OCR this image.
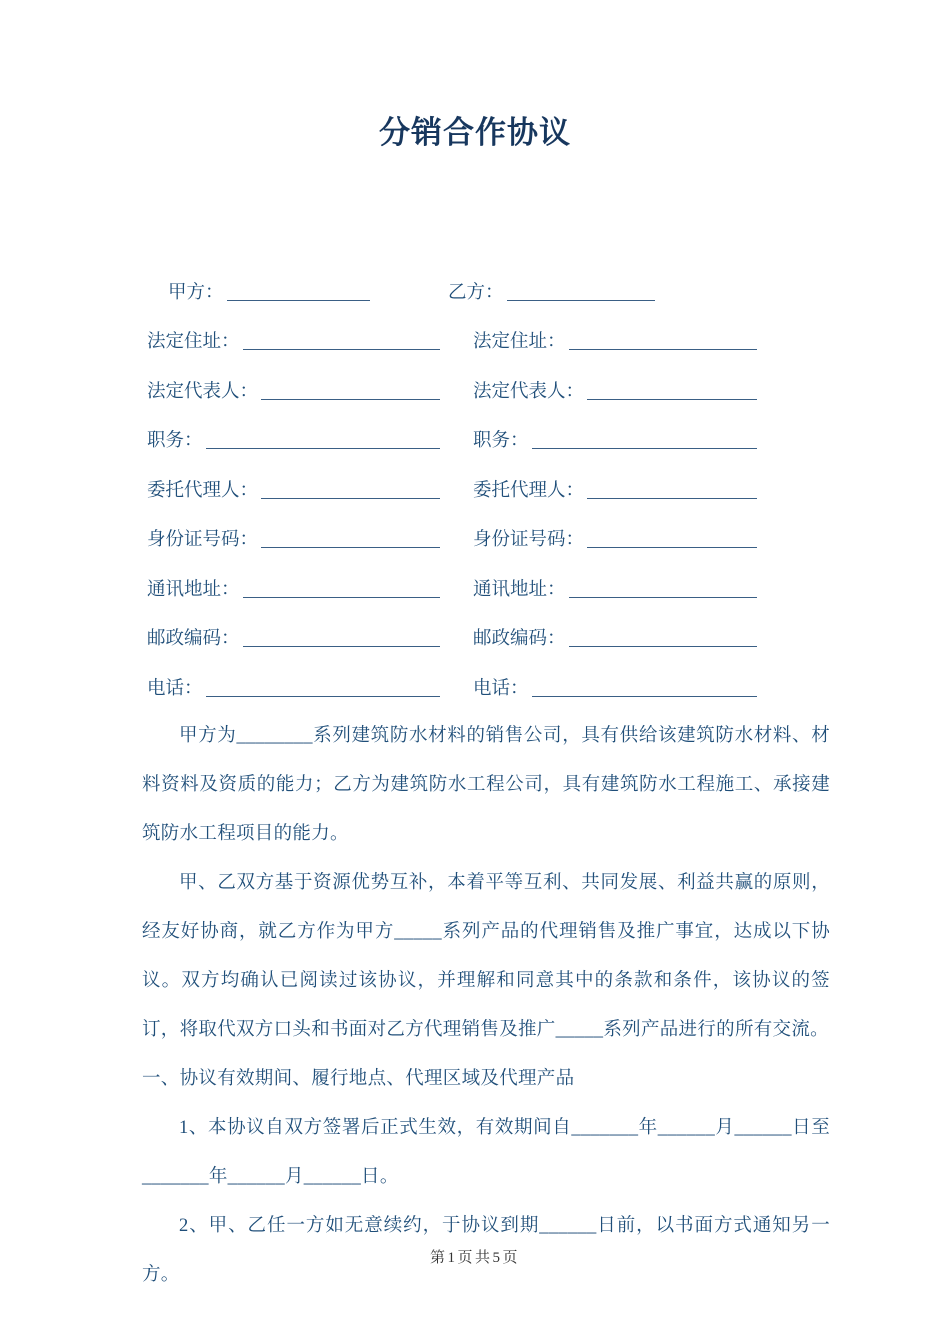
分销合作协议
甲方：	乙方：
法定住址：	法定住址：
法定代表人：	法定代表人：
职务：	职务：
委托代理人：	委托代理人：
身份证号码：	身份证号码：
通讯地址：	通讯地址：
邮政编码：	邮政编码：
电话：	电话：

甲方为________系列建筑防水材料的销售公司，具有供给该建筑防水材料、材料资料及资质的能力；乙方为建筑防水工程公司，具有建筑防水工程施工、承接建筑防水工程项目的能力。

甲、乙双方基于资源优势互补，本着平等互利、共同发展、利益共赢的原则，经友好协商，就乙方作为甲方_____系列产品的代理销售及推广事宜，达成以下协议。双方均确认已阅读过该协议，并理解和同意其中的条款和条件，该协议的签订，将取代双方口头和书面对乙方代理销售及推广_____系列产品进行的所有交流。

一、协议有效期间、履行地点、代理区域及代理产品

1、本协议自双方签署后正式生效，有效期间自_______年______月______日至_______年______月______日。

2、甲、乙任一方如无意续约，于协议到期______日前，以书面方式通知另一方。

第1页共5页
